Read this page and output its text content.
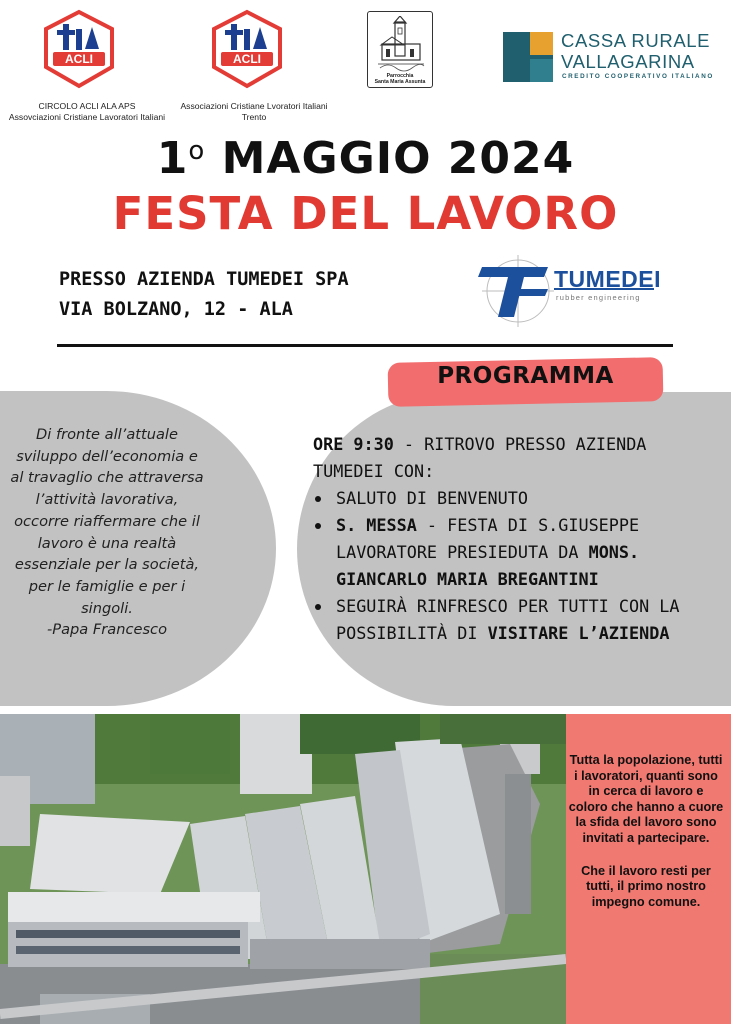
ACLI
CIRCOLO ACLI ALA APS
Assovciazioni Cristiane Lavoratori Italiani
ACLI
Associazioni Cristiane Lvoratori Italiani
Trento
Parrocchia
Santa Maria Assunta
CASSA RURALE
VALLAGARINA
CREDITO COOPERATIVO ITALIANO
1$^o$ MAGGIO 2024
FESTA DEL LAVORO
PRESSO AZIENDA TUMEDEI SPA
VIA BOLZANO, 12 - ALA
TUMEDEI
rubber engineering
Di fronte all’attuale sviluppo dell’economia e al travaglio che attraversa l’attività lavorativa, occorre riaffermare che il lavoro è una realtà essenziale per la società, per le famiglie e per i singoli.
-Papa Francesco
PROGRAMMA
ORE 9:30 - RITROVO PRESSO AZIENDA TUMEDEI CON:
SALUTO DI BENVENUTO
S. MESSA - FESTA DI S.GIUSEPPE LAVORATORE PRESIEDUTA DA MONS. GIANCARLO MARIA BREGANTINI
SEGUIRÀ RINFRESCO PER TUTTI CON LA POSSIBILITÀ DI VISITARE L’AZIENDA

Tutta la popolazione, tutti i lavoratori, quanti sono in cerca di lavoro e coloro che hanno a cuore la sfida del lavoro sono invitati a partecipare.

Che il lavoro resti per tutti, il primo nostro impegno comune.
